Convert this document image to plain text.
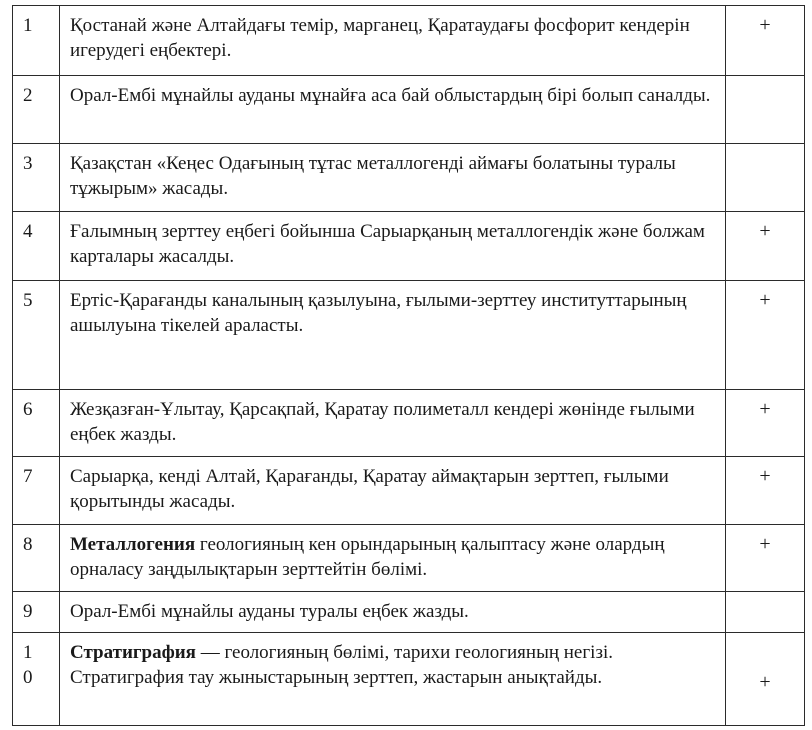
1	Қостанай және Алтайдағы темір, марганец, Қаратаудағы фосфорит кендерін игерудегі еңбектері.	+
2	Орал-Ембі мұнайлы ауданы мұнайға аса бай облыстардың бірі болып саналды.	
3	Қазақстан «Кеңес Одағының тұтас металлогенді аймағы болатыны туралы тұжырым» жасады.	
4	Ғалымның зерттеу еңбегі бойынша Сарыарқаның металлогендік және болжам карталары жасалды.	+
5	Ертіс-Қарағанды каналының қазылуына, ғылыми-зерттеу институттарының ашылуына тікелей араласты.	+
6	Жезқазған-Ұлытау, Қарсақпай, Қаратау полиметалл кендері жөнінде ғылыми еңбек жазды.	+
7	Сарыарқа, кенді Алтай, Қарағанды, Қаратау аймақтарын зерттеп, ғылыми қорытынды жасады.	+
8	Металлогения геологияның кен орындарының қалыптасу және олардың орналасу заңдылықтарын зерттейтін бөлімі.	+
9	Орал-Ембі мұнайлы ауданы туралы еңбек жазды.	

10	Стратиграфия — геологияның бөлімі, тарихи геологияның негізі. Стратиграфия тау жыныстарының зерттеп, жастарын анықтайды.	+
